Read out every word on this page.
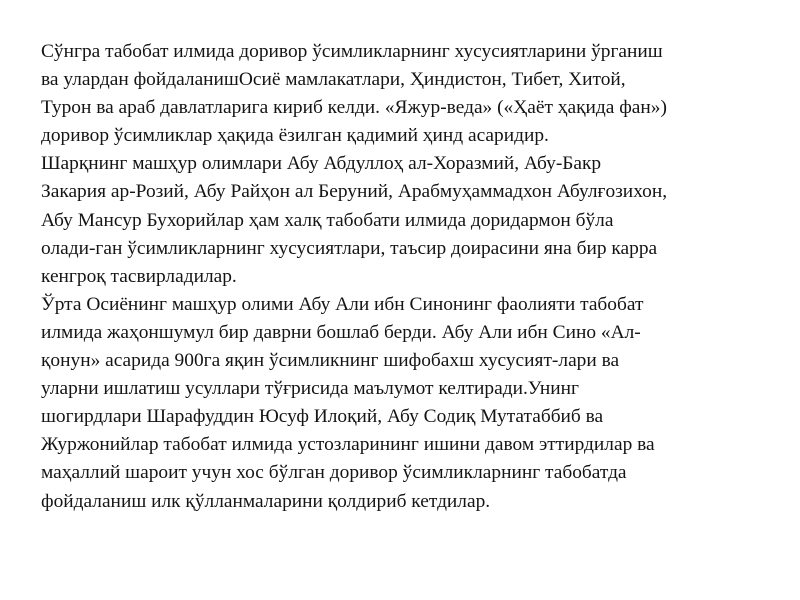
Сўнгра табобат илмида доривор ўсимликларнинг хусусиятларини ўрганиш
ва улардан фойдаланишОсиё мамлакатлари, Ҳиндистон, Тибет, Хитой,
Турон ва араб давлатларига кириб келди. «Яжур-веда» («Ҳаёт ҳақида фан»)
доривор ўсимликлар ҳақида ёзилган қадимий ҳинд асаридир.
Шарқнинг машҳур олимлари Абу Абдуллоҳ ал-Хоразмий, Абу-Бакр
Закария ар-Розий, Абу Райҳон ал Беруний, Арабмуҳаммадхон Абулғозихон,
Абу Мансур Бухорийлар ҳам халқ табобати илмида доридармон бўла
олади-ган ўсимликларнинг хусусиятлари, таъсир доирасини яна бир карра
кенгроқ тасвирладилар.
Ўрта Осиёнинг машҳур олими Абу Али ибн Синонинг фаолияти табобат
илмида жаҳоншумул бир даврни бошлаб берди. Абу Али ибн Сино «Ал-
қонун» асарида 900га яқин ўсимликнинг шифобахш хусусият-лари ва
уларни ишлатиш усуллари тўғрисида маълумот келтиради.Унинг
шогирдлари Шарафуддин Юсуф Илоқий, Абу Содиқ Мутатаббиб ва
Журжонийлар табобат илмида устозларининг ишини давом эттирдилар ва
маҳаллий шароит учун хос бўлган доривор ўсимликларнинг табобатда
фойдаланиш илк қўлланмаларини қолдириб кетдилар.
